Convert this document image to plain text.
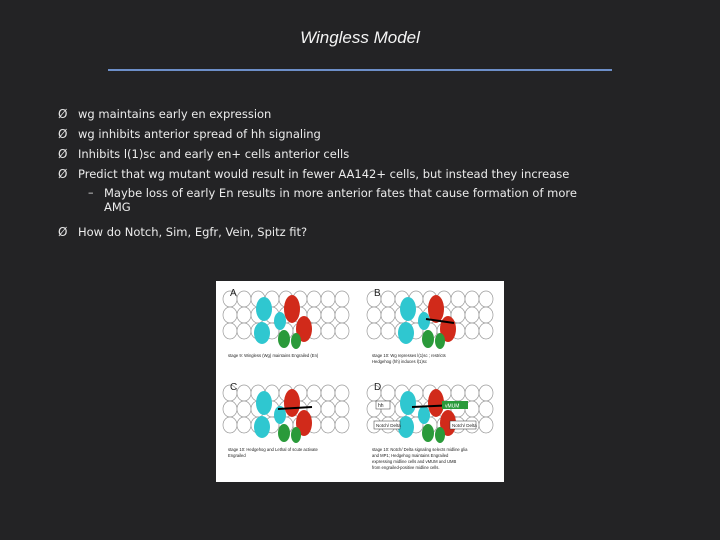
Wingless Model
Ø wg maintains early en expression
Ø wg inhibits anterior spread of hh signaling
Ø Inhibits l(1)sc and early en+ cells anterior cells
Ø Predict that wg mutant would result in fewer AA142+ cells, but instead they increase
– Maybe loss of early En results in more anterior fates that cause formation of more AMG
Ø How do Notch, Sim, Egfr, Vein, Spitz fit?
A
stage 9: Wingless (Wg) maintains Engrailed (En)
B
stage 10: Wg represses l(1)sc ; restricts
Hedgehog (hh) induces l(1)sc
C
stage 10: Hedgehog and Lethal of scute activate
Engrailed
D
stage 10: Notch/ Delta signaling selects midline glia
and MP1; Hedgehog maintains Engrailed
expressing midline cells and vMUM and UMB
from engrailed-positive midline cells.
vMUM
Notch/ Delta	Notch/ Delta
hh
